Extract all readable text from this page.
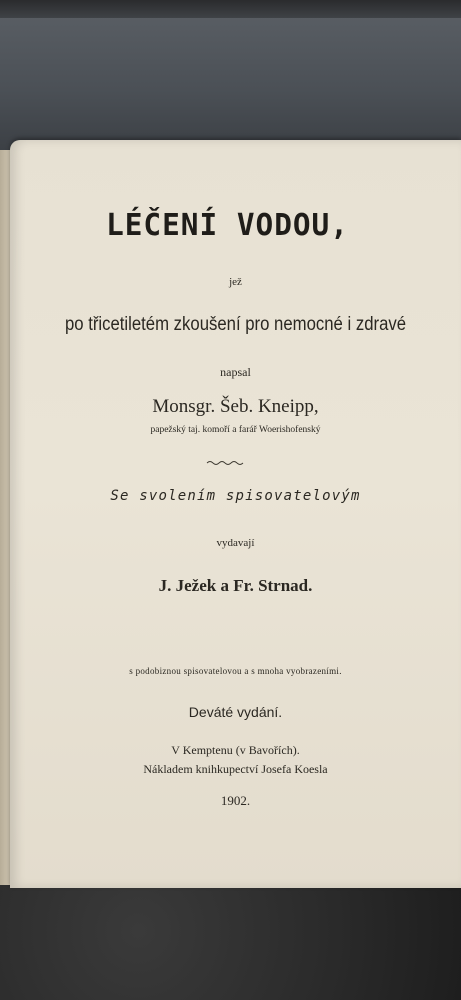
LÉČENÍ VODOU,
jež
po třicetiletém zkoušení pro nemocné i zdravé
napsal
Monsgr. Šeb. Kneipp,
papežský taj. komoří a farář Woerishofenský
Se svolením spisovatelovým
vydavají
J. Ježek a Fr. Strnad.
s podobiznou spisovatelovou a s mnoha vyobrazeními.
Deváté vydání.
V Kemptenu (v Bavořích).
Nákladem knihkupectví Josefa Koesla
1902.
